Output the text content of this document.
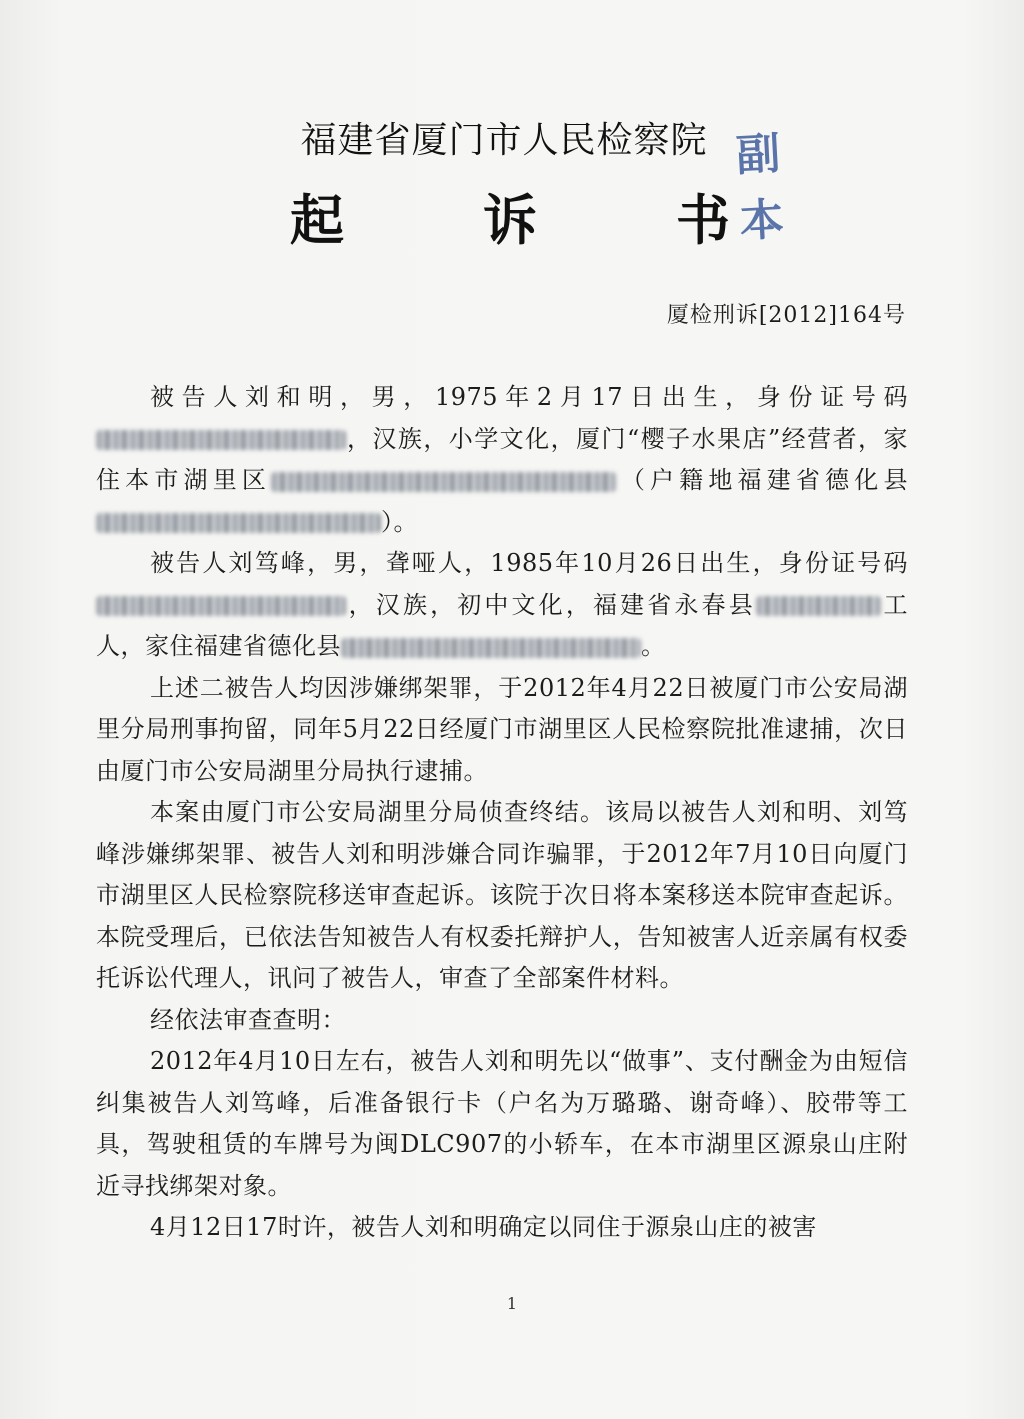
福建省厦门市人民检察院
起	诉	书
副
本
厦检刑诉[2012]164号

被告人刘和明，男，1975年2月17日出生，身份证号码，汉族，小学文化，厦门“樱子水果店”经营者，家住本市湖里区	（户籍地福建省德化县）。

被告人刘笃峰，男，聋哑人，1985年10月26日出生，身份证号码，汉族，初中文化，福建省永春县	工人，家住福建省德化县	。

上述二被告人均因涉嫌绑架罪，于2012年4月22日被厦门市公安局湖里分局刑事拘留，同年5月22日经厦门市湖里区人民检察院批准逮捕，次日由厦门市公安局湖里分局执行逮捕。

本案由厦门市公安局湖里分局侦查终结。该局以被告人刘和明、刘笃峰涉嫌绑架罪、被告人刘和明涉嫌合同诈骗罪，于2012年7月10日向厦门市湖里区人民检察院移送审查起诉。该院于次日将本案移送本院审查起诉。本院受理后，已依法告知被告人有权委托辩护人，告知被害人近亲属有权委托诉讼代理人，讯问了被告人，审查了全部案件材料。

经依法审查查明：

2012年4月10日左右，被告人刘和明先以“做事”、支付酬金为由短信纠集被告人刘笃峰，后准备银行卡（户名为万璐璐、谢奇峰）、胶带等工具，驾驶租赁的车牌号为闽DLC907的小轿车，在本市湖里区源泉山庄附近寻找绑架对象。

4月12日17时许，被告人刘和明确定以同住于源泉山庄的被害

1
